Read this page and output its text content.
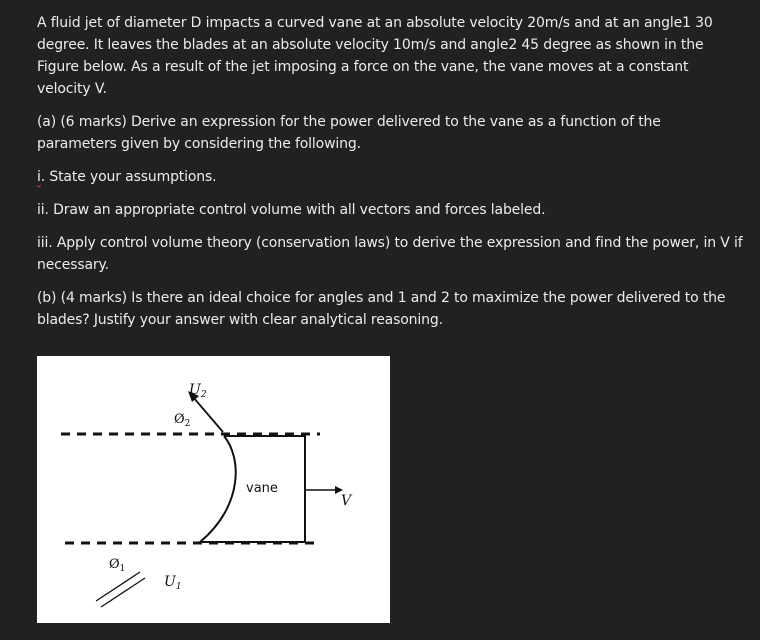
A fluid jet of diameter D impacts a curved vane at an absolute velocity 20m/s and at an angle1 30 degree. It leaves the blades at an absolute velocity 10m/s and angle2 45 degree as shown in the Figure below. As a result of the jet imposing a force on the vane, the vane moves at a constant velocity V.

(a) (6 marks) Derive an expression for the power delivered to the vane as a function of the parameters given by considering the following.

i. State your assumptions.

ii. Draw an appropriate control volume with all vectors and forces labeled.

iii. Apply control volume theory (conservation laws) to derive the expression and find the power, in V if necessary.

(b) (4 marks) Is there an ideal choice for angles and 1 and 2 to maximize the power delivered to the blades? Justify your answer with clear analytical reasoning.

vane
V
$U_2$
$Ø_2$
$Ø_1$
$U_1$
